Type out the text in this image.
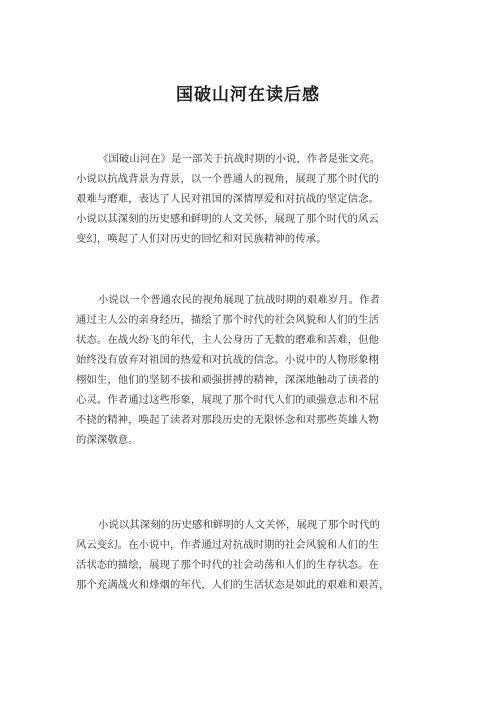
国破山河在读后感
《国破山河在》是一部关于抗战时期的小说，作者是张文亮。
小说以抗战背景为背景，以一个普通人的视角，展现了那个时代的
艰难与磨难，表达了人民对祖国的深情厚爱和对抗战的坚定信念。
小说以其深刻的历史感和鲜明的人文关怀，展现了那个时代的风云
变幻，唤起了人们对历史的回忆和对民族精神的传承。
小说以一个普通农民的视角展现了抗战时期的艰难岁月。作者
通过主人公的亲身经历，描绘了那个时代的社会风貌和人们的生活
状态。在战火纷飞的年代，主人公身历了无数的磨难和苦难，但他
始终没有放弃对祖国的热爱和对抗战的信念。小说中的人物形象栩
栩如生，他们的坚韧不拔和顽强拼搏的精神，深深地触动了读者的
心灵。作者通过这些形象，展现了那个时代人们的顽强意志和不屈
不挠的精神，唤起了读者对那段历史的无限怀念和对那些英雄人物
的深深敬意。
小说以其深刻的历史感和鲜明的人文关怀，展现了那个时代的
风云变幻。在小说中，作者通过对抗战时期的社会风貌和人们的生
活状态的描绘，展现了那个时代的社会动荡和人们的生存状态。在
那个充满战火和烽烟的年代，人们的生活状态是如此的艰难和艰苦，
